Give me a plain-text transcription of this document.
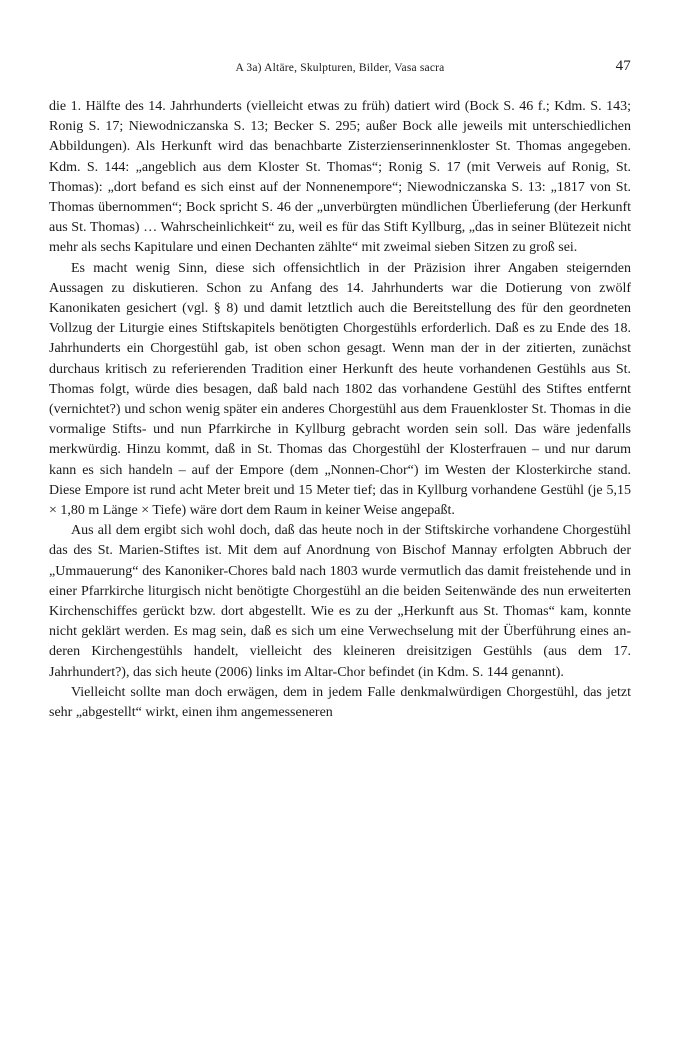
A 3a) Altäre, Skulpturen, Bilder, Vasa sacra	47

die 1. Hälfte des 14. Jahrhunderts (vielleicht etwas zu früh) datiert wird (Bock S. 46 f.; Kdm. S. 143; Ronig S. 17; Niewodniczanska S. 13; Becker S. 295; außer Bock alle jeweils mit unterschiedlichen Abbildungen). Als Herkunft wird das benachbarte Zisterzienserinnenkloster St. Thomas angegeben. Kdm. S. 144: „angeblich aus dem Kloster St. Thomas“; Ronig S. 17 (mit Verweis auf Ronig, St. Thomas): „dort befand es sich einst auf der Nonnenempore“; Niewodniczanska S. 13: „1817 von St. Thomas übernommen“; Bock spricht S. 46 der „unverbürgten mündlichen Überlieferung (der Herkunft aus St. Thomas) … Wahrscheinlichkeit“ zu, weil es für das Stift Kyllburg, „das in seiner Blütezeit nicht mehr als sechs Kapitulare und einen Dechanten zählte“ mit zweimal sieben Sitzen zu groß sei.

Es macht wenig Sinn, diese sich offensichtlich in der Präzision ihrer Angaben steigernden Aussagen zu diskutieren. Schon zu Anfang des 14. Jahrhunderts war die Dotierung von zwölf Kanonikaten gesichert (vgl. § 8) und damit letztlich auch die Bereitstellung des für den geordneten Vollzug der Liturgie eines Stiftskapitels benötigten Chorgestühls erforderlich. Daß es zu Ende des 18. Jahrhunderts ein Chorgestühl gab, ist oben schon gesagt. Wenn man der in der zitierten, zunächst durchaus kritisch zu referierenden Tradition einer Herkunft des heute vorhandenen Gestühls aus St. Thomas folgt, würde dies besagen, daß bald nach 1802 das vorhandene Gestühl des Stiftes entfernt (vernichtet?) und schon wenig später ein anderes Chorgestühl aus dem Frauenkloster St. Thomas in die vormalige Stifts- und nun Pfarrkirche in Kyllburg gebracht worden sein soll. Das wäre jedenfalls merkwürdig. Hinzu kommt, daß in St. Thomas das Chorgestühl der Klosterfrauen – und nur darum kann es sich handeln – auf der Empore (dem „Nonnen-Chor“) im Westen der Klosterkirche stand. Diese Empore ist rund acht Meter breit und 15 Meter tief; das in Kyllburg vorhandene Gestühl (je 5,15 × 1,80 m Länge × Tiefe) wäre dort dem Raum in keiner Weise angepaßt.

Aus all dem ergibt sich wohl doch, daß das heute noch in der Stiftskirche vorhandene Chorgestühl das des St. Marien-Stiftes ist. Mit dem auf Anordnung von Bischof Mannay erfolgten Abbruch der „Ummauerung“ des Kanoniker-Chores bald nach 1803 wurde vermutlich das damit freistehende und in einer Pfarrkirche liturgisch nicht benötigte Chorgestühl an die beiden Seitenwände des nun erweiterten Kirchenschiffes gerückt bzw. dort abgestellt. Wie es zu der „Herkunft aus St. Thomas“ kam, konnte nicht geklärt werden. Es mag sein, daß es sich um eine Verwechselung mit der Überführung eines anderen Kirchengestühls handelt, vielleicht des kleineren dreisitzigen Gestühls (aus dem 17. Jahrhundert?), das sich heute (2006) links im Altar-Chor befindet (in Kdm. S. 144 genannt).

Vielleicht sollte man doch erwägen, dem in jedem Falle denkmalwürdigen Chorgestühl, das jetzt sehr „abgestellt“ wirkt, einen ihm angemesseneren
